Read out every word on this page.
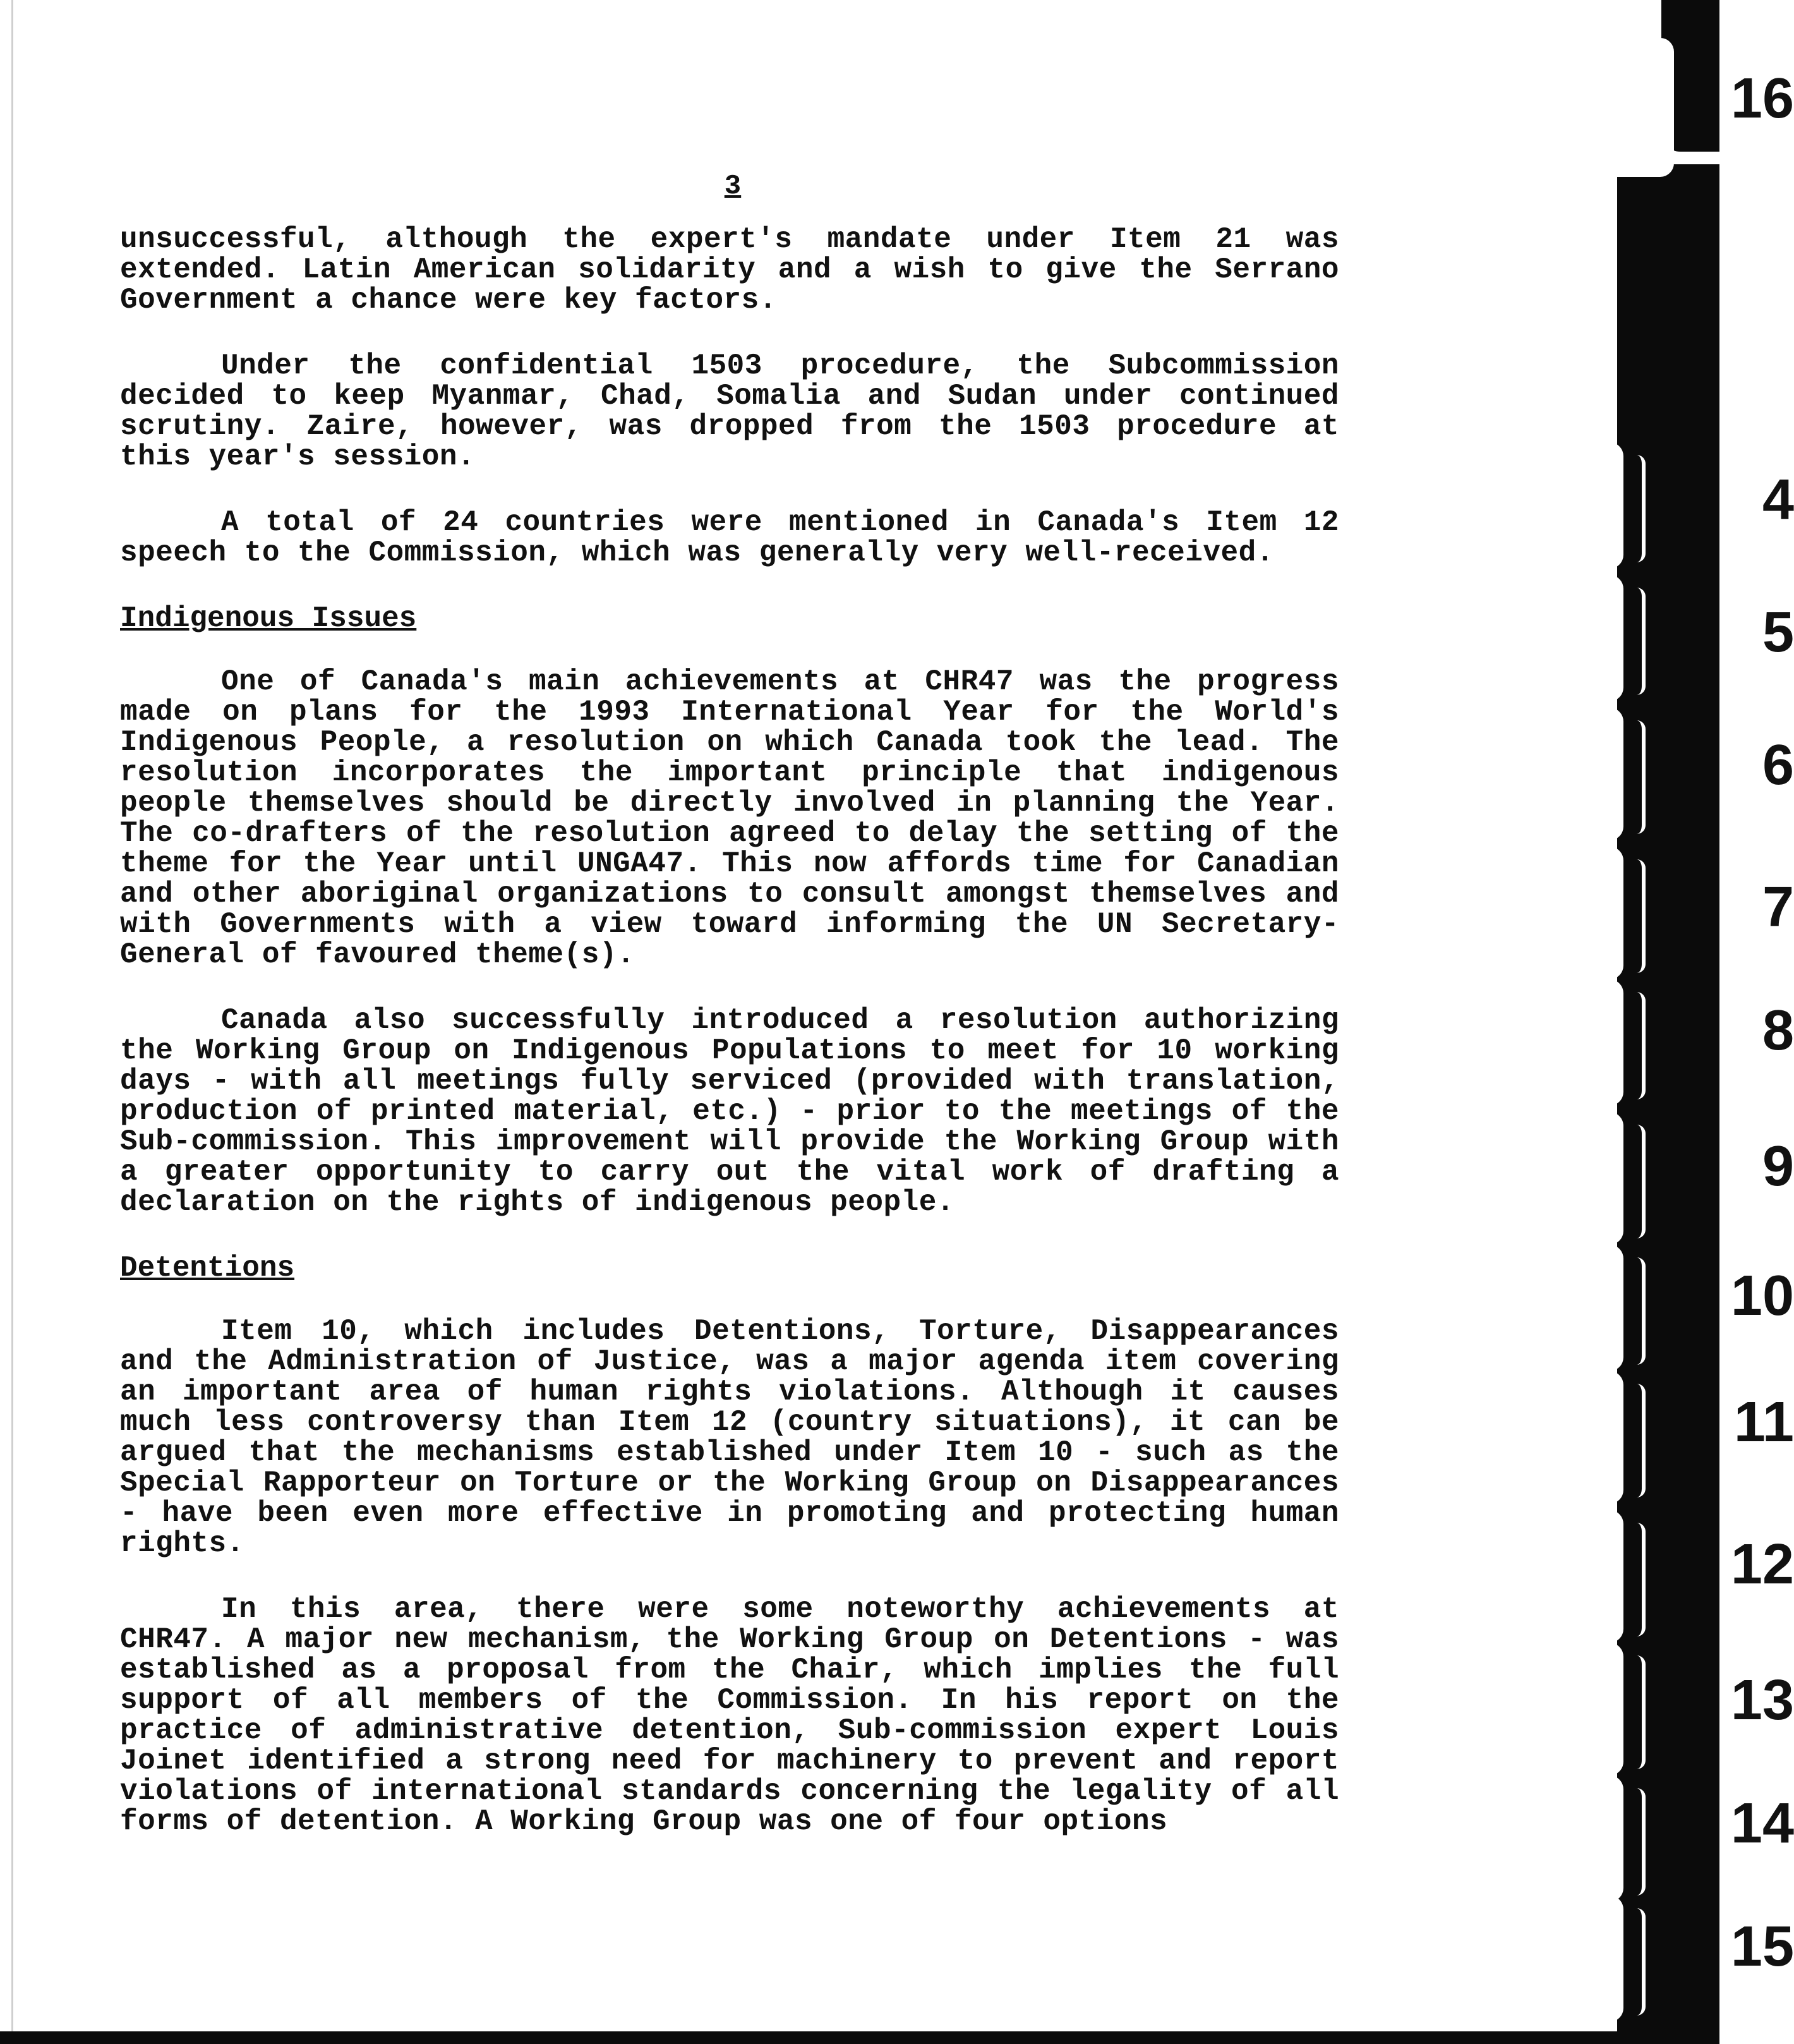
3

unsuccessful, although the expert's mandate under Item 21 was extended. Latin American solidarity and a wish to give the Serrano Government a chance were key factors.

Under the confidential 1503 procedure, the Subcommission decided to keep Myanmar, Chad, Somalia and Sudan under continued scrutiny. Zaire, however, was dropped from the 1503 procedure at this year's session.

A total of 24 countries were mentioned in Canada's Item 12 speech to the Commission, which was generally very well-received.

Indigenous Issues

One of Canada's main achievements at CHR47 was the progress made on plans for the 1993 International Year for the World's Indigenous People, a resolution on which Canada took the lead. The resolution incorporates the important principle that indigenous people themselves should be directly involved in planning the Year. The co-drafters of the resolution agreed to delay the setting of the theme for the Year until UNGA47. This now affords time for Canadian and other aboriginal organizations to consult amongst themselves and with Governments with a view toward informing the UN Secretary-General of favoured theme(s).

Canada also successfully introduced a resolution authorizing the Working Group on Indigenous Populations to meet for 10 working days - with all meetings fully serviced (provided with translation, production of printed material, etc.) - prior to the meetings of the Sub-commission. This improvement will provide the Working Group with a greater opportunity to carry out the vital work of drafting a declaration on the rights of indigenous people.

Detentions

Item 10, which includes Detentions, Torture, Disappearances and the Administration of Justice, was a major agenda item covering an important area of human rights violations. Although it causes much less controversy than Item 12 (country situations), it can be argued that the mechanisms established under Item 10 - such as the Special Rapporteur on Torture or the Working Group on Disappearances - have been even more effective in promoting and protecting human rights.

In this area, there were some noteworthy achievements at CHR47. A major new mechanism, the Working Group on Detentions - was established as a proposal from the Chair, which implies the full support of all members of the Commission. In his report on the practice of administrative detention, Sub-commission expert Louis Joinet identified a strong need for machinery to prevent and report violations of international standards concerning the legality of all forms of detention. A Working Group was one of four options

16
4
5
6
7
8
9
10
11
12
13
14
15
